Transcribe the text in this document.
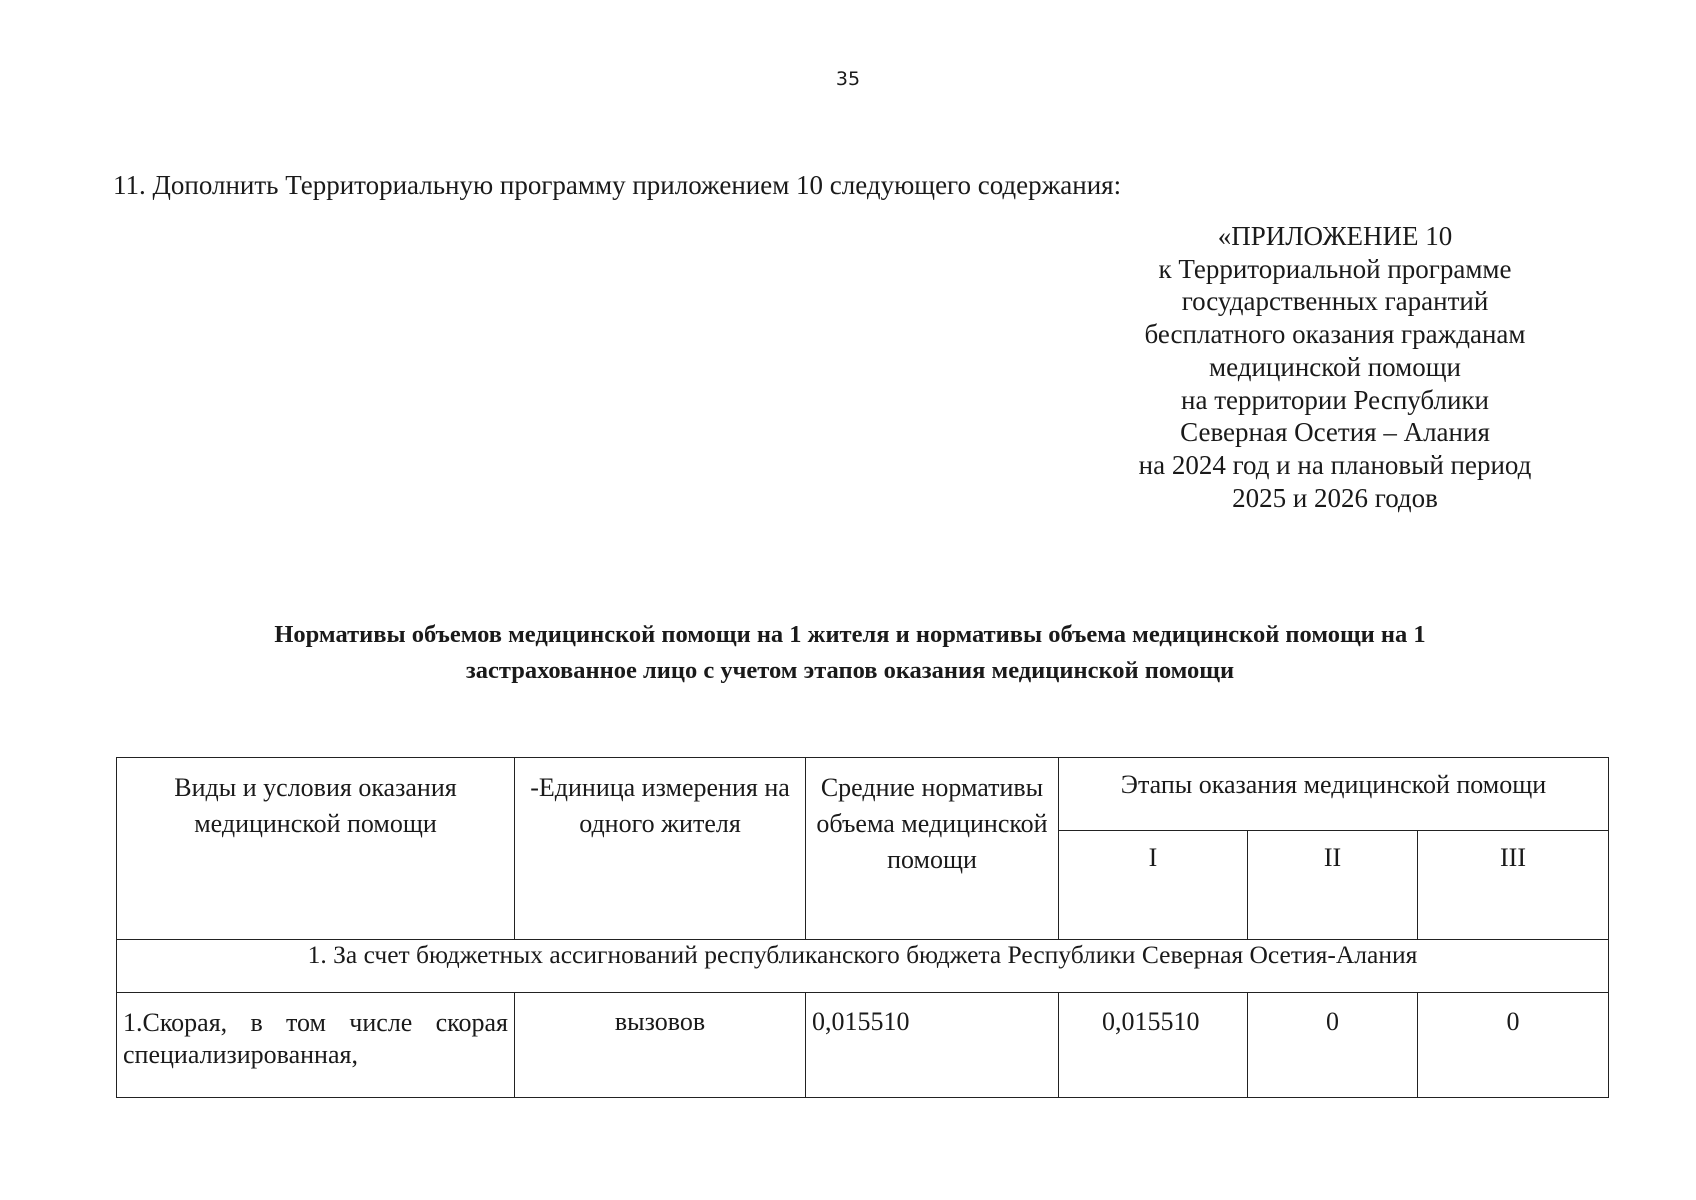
35
11. Дополнить Территориальную программу приложением 10 следующего содержания:
«ПРИЛОЖЕНИЕ 10
к Территориальной программе
государственных гарантий
бесплатного оказания гражданам
медицинской помощи
на территории Республики
Северная Осетия – Алания
на 2024 год и на плановый период
2025 и 2026 годов
Нормативы объемов медицинской помощи на 1 жителя и нормативы объема медицинской помощи на 1
застрахованное лицо с учетом этапов оказания медицинской помощи
Виды и условия оказания медицинской помощи	-Единица измерения на одного жителя	Средние нормативы объема медицинской помощи	Этапы оказания медицинской помощи		
			I	II	III
1. За счет бюджетных ассигнований республиканского бюджета Республики Северная Осетия-Алания					
1.Скорая, в том числе скорая специализированная,	вызовов	0,015510	0,015510	0	0
